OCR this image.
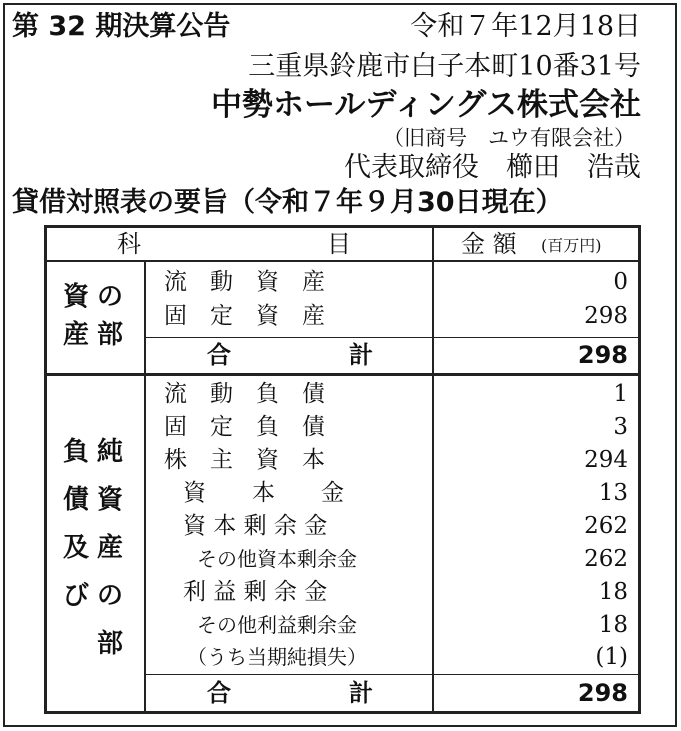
第 32 期決算公告	令和７年12月18日
三重県鈴鹿市白子本町10番31号
中勢ホールディングス株式会社
（旧商号　ユウ有限会社）
代表取締役　櫛田　浩哉
貸借対照表の要旨（令和７年９月30日現在）
科	目	金 額 (百万円)
資産
の部
流　動　資　産	0
固　定　資　産	298
合	計	298
負債及び
純資産の部
流　動　負　債	1
固　定　負　債	3
株　主　資　本	294
資　　本　　金	13
資 本 剰 余 金	262
その他資本剰余金	262
利 益 剰 余 金	18
その他利益剰余金	18
（うち当期純損失）	(1)
合	計	298
